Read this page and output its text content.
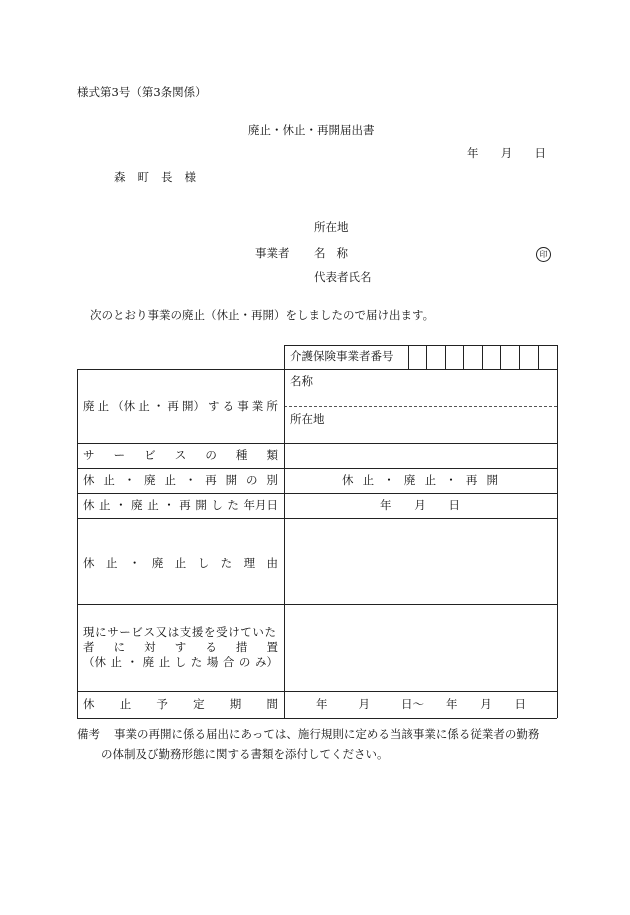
様式第3号（第3条関係）
廃止・休止・再開届出書
年 月 日
森 町 長 様
所在地
事業者 名 称	印
代表者氏名
次のとおり事業の廃止（休止・再開）をしましたので届け出ます。
介護保険事業者番号
廃 止 （休 止 ・ 再 開） す る 事 業 所
名称
所在地
サ ー ビ ス の 種 類
休 止 ・ 廃 止 ・ 再 開 の 別	休 止 ・ 廃 止 ・ 再 開
休 止 ・ 廃 止 ・ 再 開 し た 年月日	年 月 日
休 止 ・ 廃 止 し た 理 由
現にサービス又は支援を受けていた
者 に 対 す る 措 置
（休 止 ・ 廃 止 し た 場 合 の み）
休 止 予 定 期 間	年	月	日〜 年 月 日
備考 事業の再開に係る届出にあっては、施行規則に定める当該事業に係る従業者の勤務
の体制及び勤務形態に関する書類を添付してください。
